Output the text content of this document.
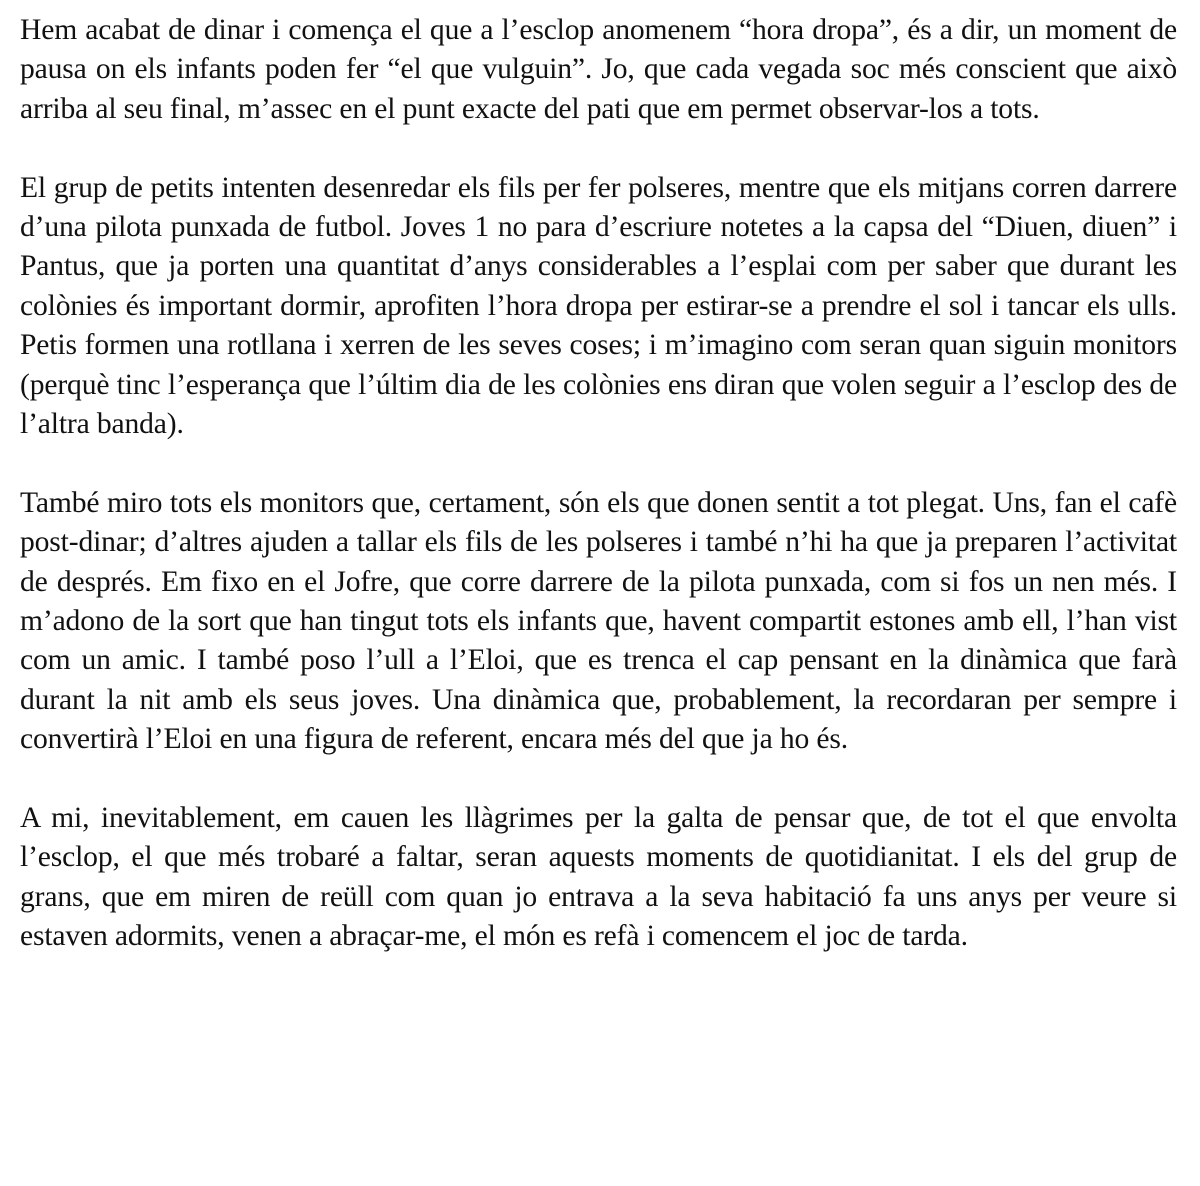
Hem acabat de dinar i comença el que a l’esclop anomenem “hora dropa”, és a dir, un moment de pausa on els infants poden fer “el que vulguin”. Jo, que cada vegada soc més conscient que això arriba al seu final, m’assec en el punt exacte del pati que em permet observar-los a tots.

El grup de petits intenten desenredar els fils per fer polseres, mentre que els mitjans corren darrere d’una pilota punxada de futbol. Joves 1 no para d’escriure notetes a la capsa del “Diuen, diuen” i Pantus, que ja porten una quantitat d’anys considerables a l’esplai com per saber que durant les colònies és important dormir, aprofiten l’hora dropa per estirar-se a prendre el sol i tancar els ulls. Petis formen una rotllana i xerren de les seves coses; i m’imagino com seran quan siguin monitors (perquè tinc l’esperança que l’últim dia de les colònies ens diran que volen seguir a l’esclop des de l’altra banda).

També miro tots els monitors que, certament, són els que donen sentit a tot plegat. Uns, fan el cafè post-dinar; d’altres ajuden a tallar els fils de les polseres i també n’hi ha que ja preparen l’activitat de després. Em fixo en el Jofre, que corre darrere de la pilota punxada, com si fos un nen més. I m’adono de la sort que han tingut tots els infants que, havent compartit estones amb ell, l’han vist com un amic. I també poso l’ull a l’Eloi, que es trenca el cap pensant en la dinàmica que farà durant la nit amb els seus joves. Una dinàmica que, probablement, la recordaran per sempre i convertirà l’Eloi en una figura de referent, encara més del que ja ho és.

A mi, inevitablement, em cauen les llàgrimes per la galta de pensar que, de tot el que envolta l’esclop, el que més trobaré a faltar, seran aquests moments de quotidianitat. I els del grup de grans, que em miren de reüll com quan jo entrava a la seva habitació fa uns anys per veure si estaven adormits, venen a abraçar-me, el món es refà i comencem el joc de tarda.
